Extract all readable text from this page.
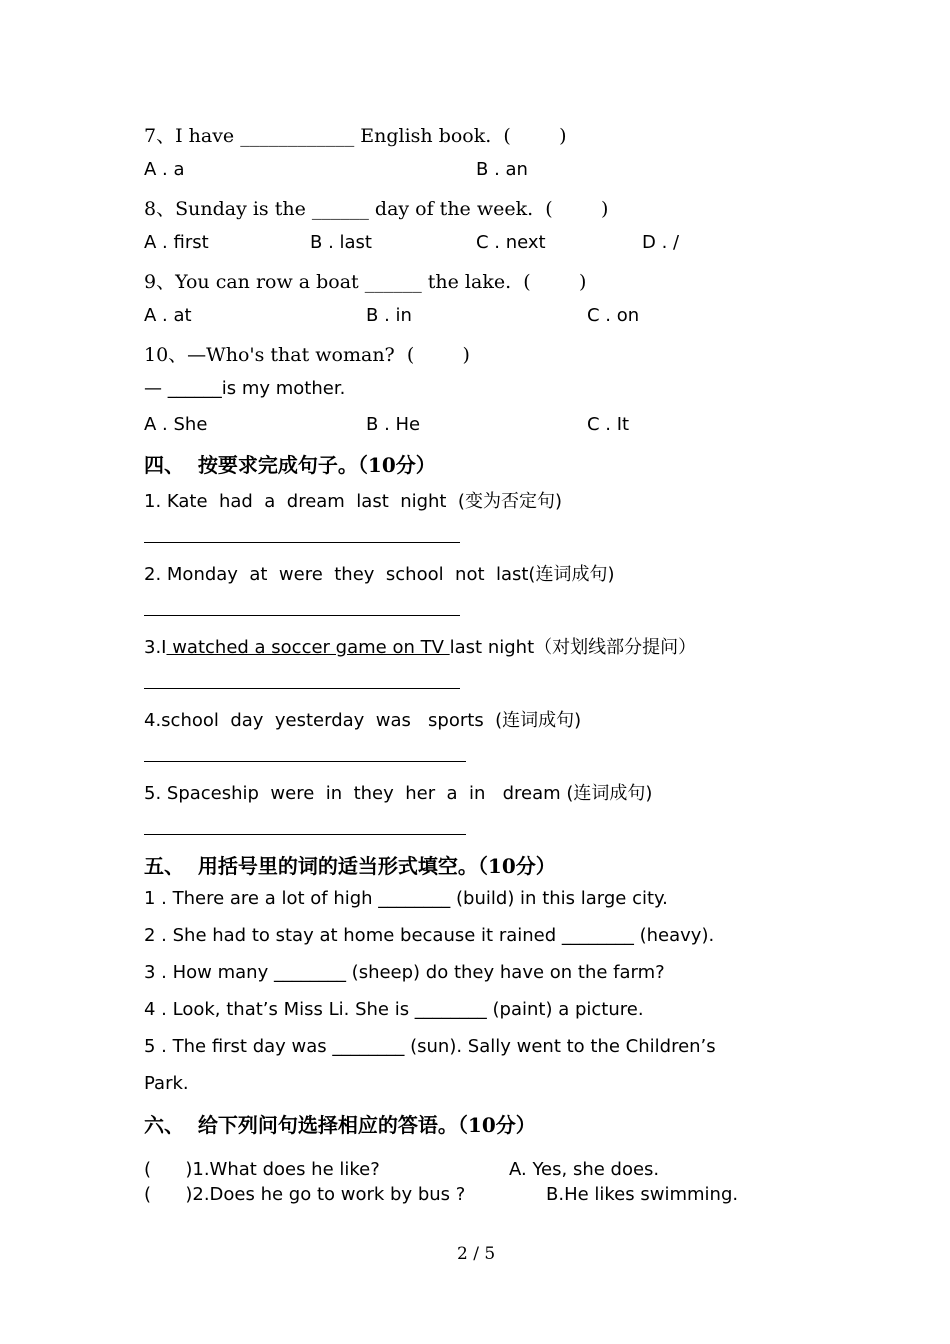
7、I have ____________ English book.  (        )
A . a	B . an
8、Sunday is the ______ day of the week.  (        )
A . first	B . last	C . next	D . /
9、You can row a boat ______ the lake.  (        )
A . at	B . in	C . on
10、—Who's that woman?  (        )
— ______is my mother.
A . She	B . He	C . It
四、  按要求完成句子。（10分）
1. Kate  had  a  dream  last  night  (变为否定句)
2. Monday  at  were  they  school  not  last(连词成句)
3.I watched a soccer game on TV last night（对划线部分提问）
4.school  day  yesterday  was   sports  (连词成句)
5. Spaceship  were  in  they  her  a  in   dream (连词成句)
五、  用括号里的词的适当形式填空。（10分）
1 . There are a lot of high ________ (build) in this large city.
2 . She had to stay at home because it rained ________ (heavy).
3 . How many ________ (sheep) do they have on the farm?
4 . Look, that’s Miss Li. She is ________ (paint) a picture.
5 . The first day was ________ (sun). Sally went to the Children’s
Park.
六、  给下列问句选择相应的答语。（10分）
(      )1.What does he like?	A. Yes, she does.
(      )2.Does he go to work by bus ?	B.He likes swimming.
2 / 5
